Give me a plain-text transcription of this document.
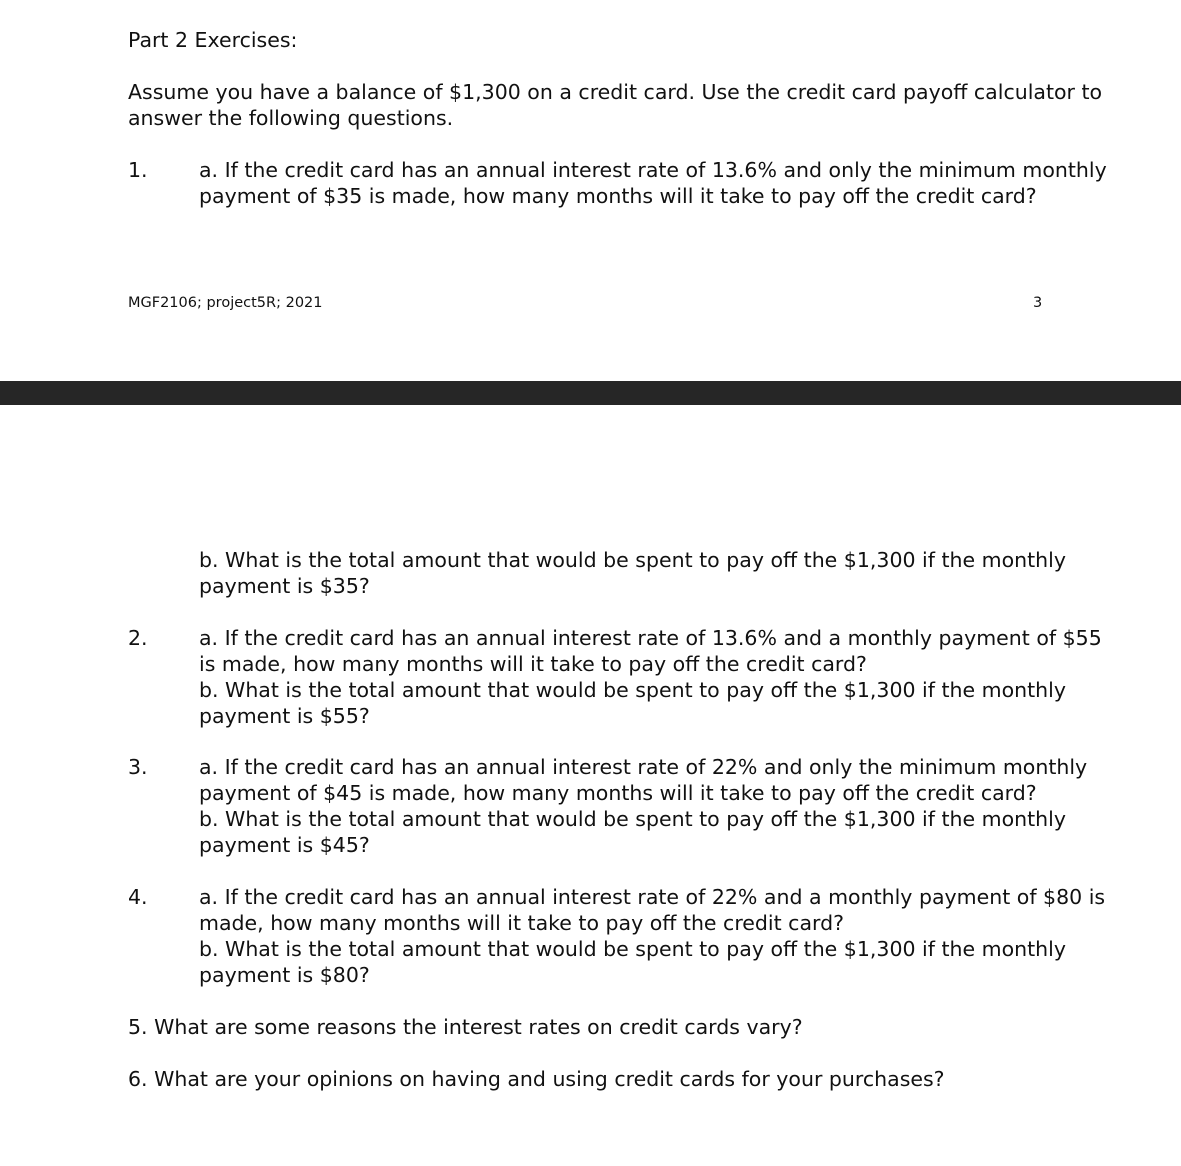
Part 2 Exercises:
Assume you have a balance of $1,300 on a credit card. Use the credit card payoff calculator to
answer the following questions.
1.	a. If the credit card has an annual interest rate of 13.6% and only the minimum monthly
payment of $35 is made, how many months will it take to pay off the credit card?
MGF2106; project5R; 2021	3
b. What is the total amount that would be spent to pay off the $1,300 if the monthly
payment is $35?
2.	a. If the credit card has an annual interest rate of 13.6% and a monthly payment of $55
is made, how many months will it take to pay off the credit card?
b. What is the total amount that would be spent to pay off the $1,300 if the monthly
payment is $55?
3.	a. If the credit card has an annual interest rate of 22% and only the minimum monthly
payment of $45 is made, how many months will it take to pay off the credit card?
b. What is the total amount that would be spent to pay off the $1,300 if the monthly
payment is $45?
4.	a. If the credit card has an annual interest rate of 22% and a monthly payment of $80 is
made, how many months will it take to pay off the credit card?
b. What is the total amount that would be spent to pay off the $1,300 if the monthly
payment is $80?
5. What are some reasons the interest rates on credit cards vary?
6. What are your opinions on having and using credit cards for your purchases?
